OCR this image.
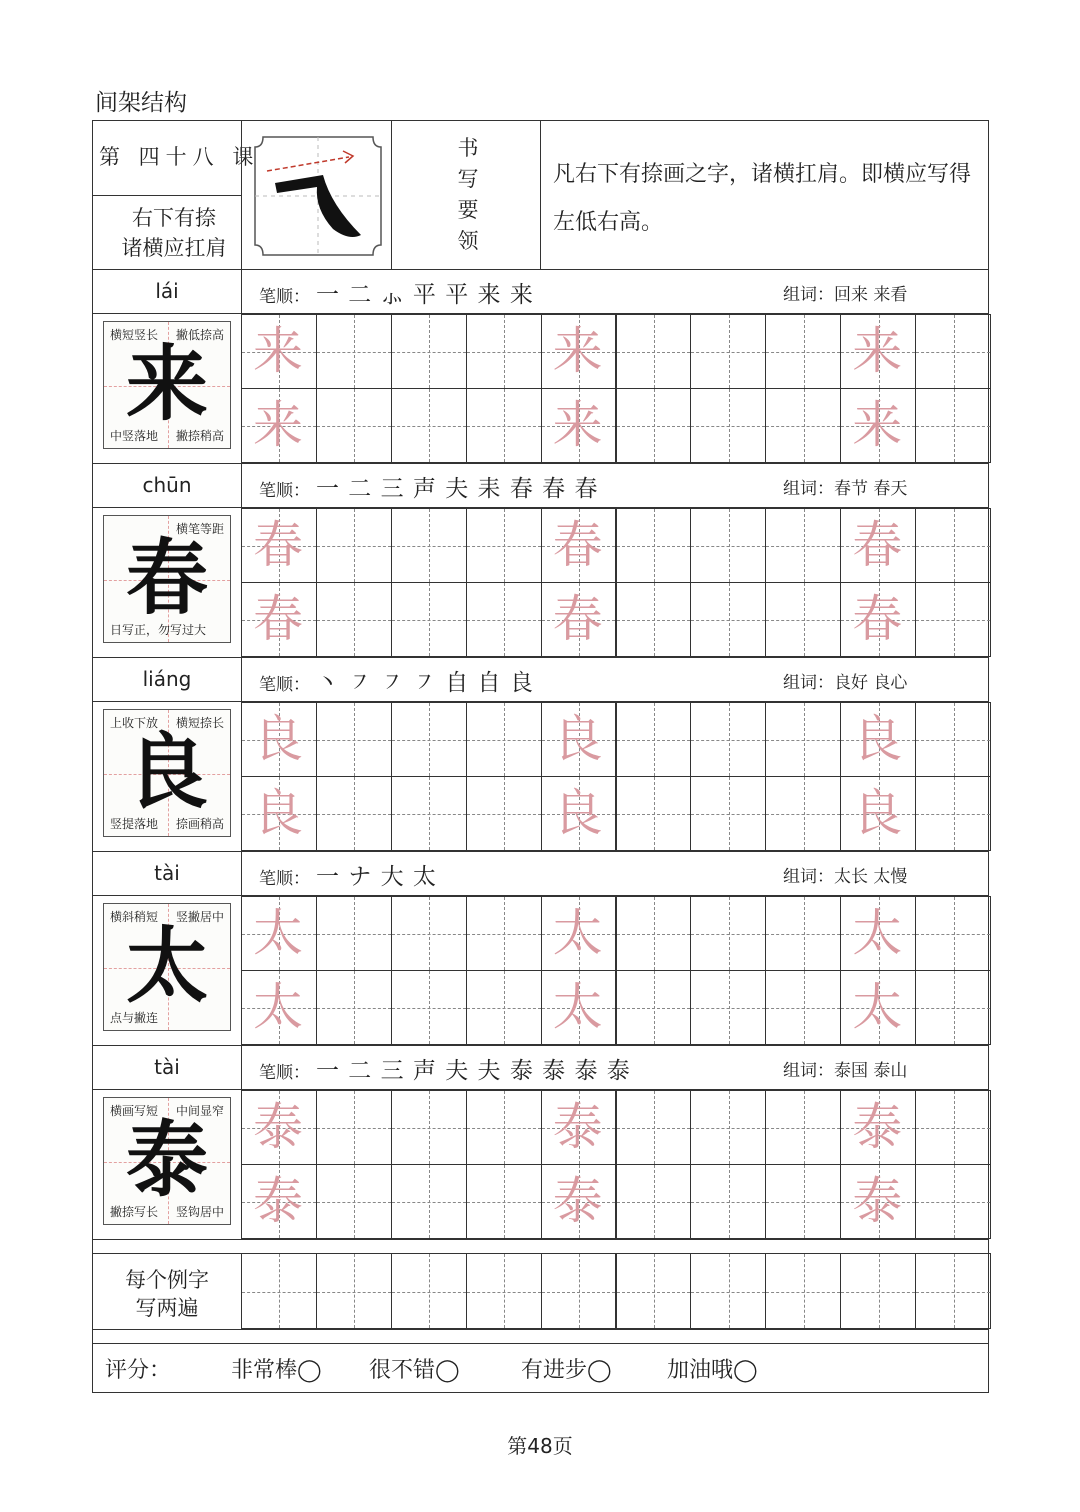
间架结构
第 四十八 课
右下有捺
诸横应扛肩
书
写
要
领
凡右下有捺画之字，诸横扛肩。即横应写得左低右高。
lái	笔顺： 一 二 ⺗ 平 平 来 来	组词：回来 来看
横短竖长 撇低捺高
来
中竖落地 撇捺稍高
来	来	来
来	来	来
chūn	笔顺： 一 二 三 声 夫 耒 春 春 春	组词：春节 春天
横笔等距
春
日写正，勿写过大
春	春	春
春	春	春
liáng	笔顺： 丶 ㇇ ㇇ ㇇ 自 自 良	组词：良好 良心
上收下放 横短捺长
良
竖提落地 捺画稍高
良	良	良
良	良	良
tài	笔顺： 一 ナ 大 太	组词：太长 太慢
横斜稍短 竖撇居中
太
点与撇连
太	太	太
太	太	太
tài	笔顺： 一 二 三 声 夫 夫 泰 泰 泰 泰	组词：泰国 泰山
横画写短 中间显窄
泰
撇捺写长 竖钩居中
泰	泰	泰
泰	泰	泰
每个例字
写两遍
评分：	非常棒◯ 很不错◯	有进步◯	加油哦◯
第48页
